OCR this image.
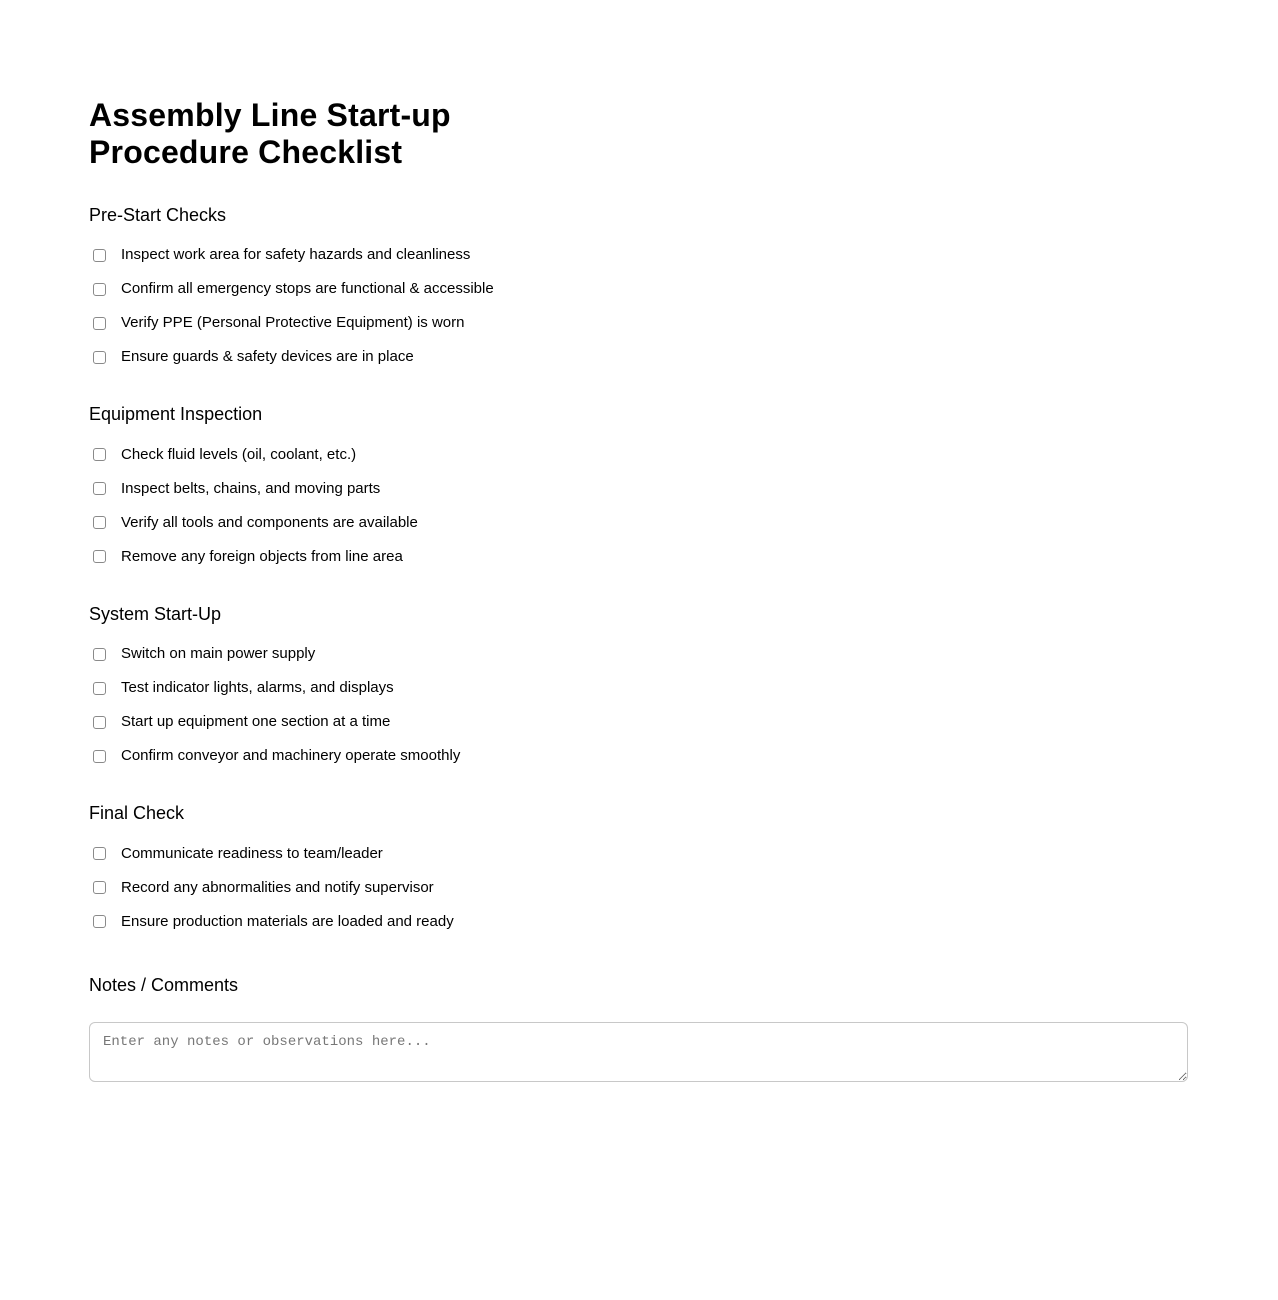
Assembly Line Start-up Procedure Checklist
Pre-Start Checks
Inspect work area for safety hazards and cleanliness
Confirm all emergency stops are functional & accessible
Verify PPE (Personal Protective Equipment) is worn
Ensure guards & safety devices are in place
Equipment Inspection
Check fluid levels (oil, coolant, etc.)
Inspect belts, chains, and moving parts
Verify all tools and components are available
Remove any foreign objects from line area
System Start-Up
Switch on main power supply
Test indicator lights, alarms, and displays
Start up equipment one section at a time
Confirm conveyor and machinery operate smoothly
Final Check
Communicate readiness to team/leader
Record any abnormalities and notify supervisor
Ensure production materials are loaded and ready
Notes / Comments
Enter any notes or observations here...
